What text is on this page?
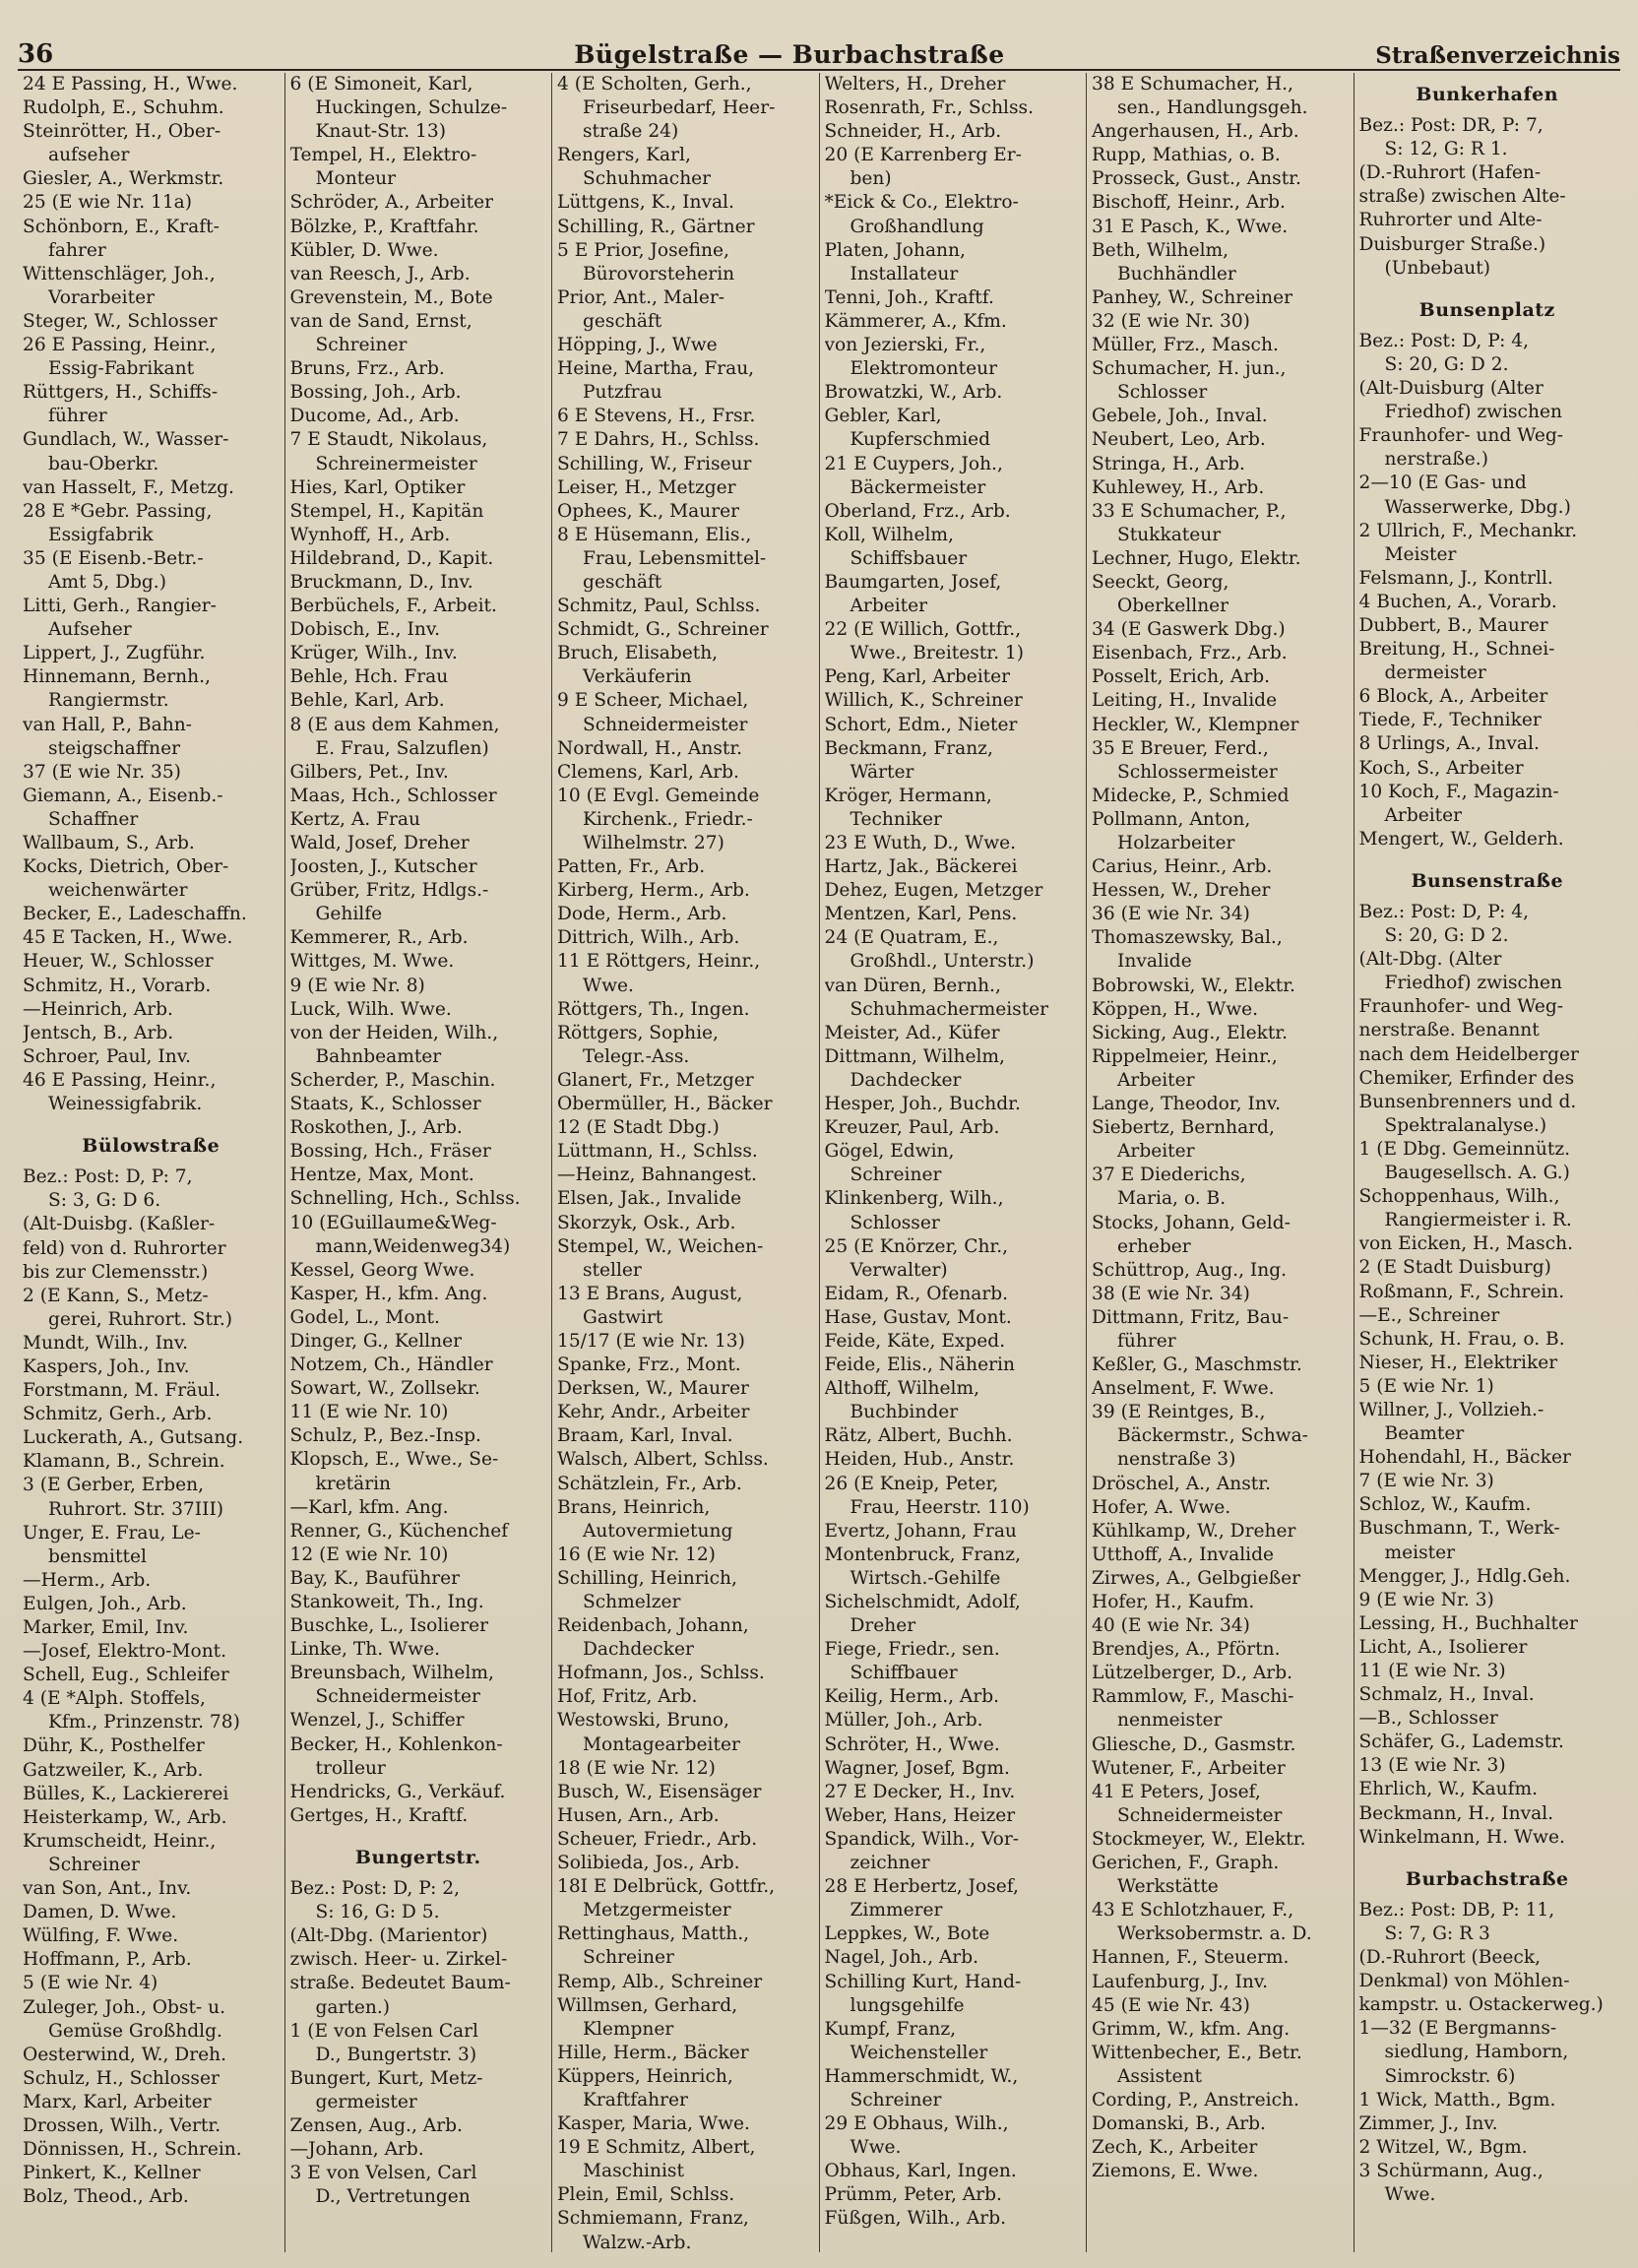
36	Bügelstraße — Burbachstraße	Straßenverzeichnis
24 E Passing, H., Wwe.
Rudolph, E., Schuhm.
Steinrötter, H., Ober-
aufseher
Giesler, A., Werkmstr.
25 (E wie Nr. 11a)
Schönborn, E., Kraft-
fahrer
Wittenschläger, Joh.,
Vorarbeiter
Steger, W., Schlosser
26 E Passing, Heinr.,
Essig-Fabrikant
Rüttgers, H., Schiffs-
führer
Gundlach, W., Wasser-
bau-Oberkr.
van Hasselt, F., Metzg.
28 E *Gebr. Passing,
Essigfabrik
35 (E Eisenb.-Betr.-
Amt 5, Dbg.)
Litti, Gerh., Rangier-
Aufseher
Lippert, J., Zugführ.
Hinnemann, Bernh.,
Rangiermstr.
van Hall, P., Bahn-
steigschaffner
37 (E wie Nr. 35)
Giemann, A., Eisenb.-
Schaffner
Wallbaum, S., Arb.
Kocks, Dietrich, Ober-
weichenwärter
Becker, E., Ladeschaffn.
45 E Tacken, H., Wwe.
Heuer, W., Schlosser
Schmitz, H., Vorarb.
—Heinrich, Arb.
Jentsch, B., Arb.
Schroer, Paul, Inv.
46 E Passing, Heinr.,
Weinessigfabrik.
Bülowstraße
Bez.: Post: D, P: 7,
S: 3, G: D 6.
(Alt-Duisbg. (Kaßler-
feld) von d. Ruhrorter
bis zur Clemensstr.)
2 (E Kann, S., Metz-
gerei, Ruhrort. Str.)
Mundt, Wilh., Inv.
Kaspers, Joh., Inv.
Forstmann, M. Fräul.
Schmitz, Gerh., Arb.
Luckerath, A., Gutsang.
Klamann, B., Schrein.
3 (E Gerber, Erben,
Ruhrort. Str. 37III)
Unger, E. Frau, Le-
bensmittel
—Herm., Arb.
Eulgen, Joh., Arb.
Marker, Emil, Inv.
—Josef, Elektro-Mont.
Schell, Eug., Schleifer
4 (E *Alph. Stoffels,
Kfm., Prinzenstr. 78)
Dühr, K., Posthelfer
Gatzweiler, K., Arb.
Bülles, K., Lackiererei
Heisterkamp, W., Arb.
Krumscheidt, Heinr.,
Schreiner
van Son, Ant., Inv.
Damen, D. Wwe.
Wülfing, F. Wwe.
Hoffmann, P., Arb.
5 (E wie Nr. 4)
Zuleger, Joh., Obst- u.
Gemüse Großhdlg.
Oesterwind, W., Dreh.
Schulz, H., Schlosser
Marx, Karl, Arbeiter
Drossen, Wilh., Vertr.
Dönnissen, H., Schrein.
Pinkert, K., Kellner
Bolz, Theod., Arb.
6 (E Simoneit, Karl,
Huckingen, Schulze-
Knaut-Str. 13)
Tempel, H., Elektro-
Monteur
Schröder, A., Arbeiter
Bölzke, P., Kraftfahr.
Kübler, D. Wwe.
van Reesch, J., Arb.
Grevenstein, M., Bote
van de Sand, Ernst,
Schreiner
Bruns, Frz., Arb.
Bossing, Joh., Arb.
Ducome, Ad., Arb.
7 E Staudt, Nikolaus,
Schreinermeister
Hies, Karl, Optiker
Stempel, H., Kapitän
Wynhoff, H., Arb.
Hildebrand, D., Kapit.
Bruckmann, D., Inv.
Berbüchels, F., Arbeit.
Dobisch, E., Inv.
Krüger, Wilh., Inv.
Behle, Hch. Frau
Behle, Karl, Arb.
8 (E aus dem Kahmen,
E. Frau, Salzuflen)
Gilbers, Pet., Inv.
Maas, Hch., Schlosser
Kertz, A. Frau
Wald, Josef, Dreher
Joosten, J., Kutscher
Grüber, Fritz, Hdlgs.-
Gehilfe
Kemmerer, R., Arb.
Wittges, M. Wwe.
9 (E wie Nr. 8)
Luck, Wilh. Wwe.
von der Heiden, Wilh.,
Bahnbeamter
Scherder, P., Maschin.
Staats, K., Schlosser
Roskothen, J., Arb.
Bossing, Hch., Fräser
Hentze, Max, Mont.
Schnelling, Hch., Schlss.
10 (EGuillaume&Weg-
mann,Weidenweg34)
Kessel, Georg Wwe.
Kasper, H., kfm. Ang.
Godel, L., Mont.
Dinger, G., Kellner
Notzem, Ch., Händler
Sowart, W., Zollsekr.
11 (E wie Nr. 10)
Schulz, P., Bez.-Insp.
Klopsch, E., Wwe., Se-
kretärin
—Karl, kfm. Ang.
Renner, G., Küchenchef
12 (E wie Nr. 10)
Bay, K., Bauführer
Stankoweit, Th., Ing.
Buschke, L., Isolierer
Linke, Th. Wwe.
Breunsbach, Wilhelm,
Schneidermeister
Wenzel, J., Schiffer
Becker, H., Kohlenkon-
trolleur
Hendricks, G., Verkäuf.
Gertges, H., Kraftf.
Bungertstr.
Bez.: Post: D, P: 2,
S: 16, G: D 5.
(Alt-Dbg. (Marientor)
zwisch. Heer- u. Zirkel-
straße. Bedeutet Baum-
garten.)
1 (E von Felsen Carl
D., Bungertstr. 3)
Bungert, Kurt, Metz-
germeister
Zensen, Aug., Arb.
—Johann, Arb.
3 E von Velsen, Carl
D., Vertretungen
4 (E Scholten, Gerh.,
Friseurbedarf, Heer-
straße 24)
Rengers, Karl,
Schuhmacher
Lüttgens, K., Inval.
Schilling, R., Gärtner
5 E Prior, Josefine,
Bürovorsteherin
Prior, Ant., Maler-
geschäft
Höpping, J., Wwe
Heine, Martha, Frau,
Putzfrau
6 E Stevens, H., Frsr.
7 E Dahrs, H., Schlss.
Schilling, W., Friseur
Leiser, H., Metzger
Ophees, K., Maurer
8 E Hüsemann, Elis.,
Frau, Lebensmittel-
geschäft
Schmitz, Paul, Schlss.
Schmidt, G., Schreiner
Bruch, Elisabeth,
Verkäuferin
9 E Scheer, Michael,
Schneidermeister
Nordwall, H., Anstr.
Clemens, Karl, Arb.
10 (E Evgl. Gemeinde
Kirchenk., Friedr.-
Wilhelmstr. 27)
Patten, Fr., Arb.
Kirberg, Herm., Arb.
Dode, Herm., Arb.
Dittrich, Wilh., Arb.
11 E Röttgers, Heinr.,
Wwe.
Röttgers, Th., Ingen.
Röttgers, Sophie,
Telegr.-Ass.
Glanert, Fr., Metzger
Obermüller, H., Bäcker
12 (E Stadt Dbg.)
Lüttmann, H., Schlss.
—Heinz, Bahnangest.
Elsen, Jak., Invalide
Skorzyk, Osk., Arb.
Stempel, W., Weichen-
steller
13 E Brans, August,
Gastwirt
15/17 (E wie Nr. 13)
Spanke, Frz., Mont.
Derksen, W., Maurer
Kehr, Andr., Arbeiter
Braam, Karl, Inval.
Walsch, Albert, Schlss.
Schätzlein, Fr., Arb.
Brans, Heinrich,
Autovermietung
16 (E wie Nr. 12)
Schilling, Heinrich,
Schmelzer
Reidenbach, Johann,
Dachdecker
Hofmann, Jos., Schlss.
Hof, Fritz, Arb.
Westowski, Bruno,
Montagearbeiter
18 (E wie Nr. 12)
Busch, W., Eisensäger
Husen, Arn., Arb.
Scheuer, Friedr., Arb.
Solibieda, Jos., Arb.
18I E Delbrück, Gottfr.,
Metzgermeister
Rettinghaus, Matth.,
Schreiner
Remp, Alb., Schreiner
Willmsen, Gerhard,
Klempner
Hille, Herm., Bäcker
Küppers, Heinrich,
Kraftfahrer
Kasper, Maria, Wwe.
19 E Schmitz, Albert,
Maschinist
Plein, Emil, Schlss.
Schmiemann, Franz,
Walzw.-Arb.
Welters, H., Dreher
Rosenrath, Fr., Schlss.
Schneider, H., Arb.
20 (E Karrenberg Er-
ben)
*Eick & Co., Elektro-
Großhandlung
Platen, Johann,
Installateur
Tenni, Joh., Kraftf.
Kämmerer, A., Kfm.
von Jezierski, Fr.,
Elektromonteur
Browatzki, W., Arb.
Gebler, Karl,
Kupferschmied
21 E Cuypers, Joh.,
Bäckermeister
Oberland, Frz., Arb.
Koll, Wilhelm,
Schiffsbauer
Baumgarten, Josef,
Arbeiter
22 (E Willich, Gottfr.,
Wwe., Breitestr. 1)
Peng, Karl, Arbeiter
Willich, K., Schreiner
Schort, Edm., Nieter
Beckmann, Franz,
Wärter
Kröger, Hermann,
Techniker
23 E Wuth, D., Wwe.
Hartz, Jak., Bäckerei
Dehez, Eugen, Metzger
Mentzen, Karl, Pens.
24 (E Quatram, E.,
Großhdl., Unterstr.)
van Düren, Bernh.,
Schuhmachermeister
Meister, Ad., Küfer
Dittmann, Wilhelm,
Dachdecker
Hesper, Joh., Buchdr.
Kreuzer, Paul, Arb.
Gögel, Edwin,
Schreiner
Klinkenberg, Wilh.,
Schlosser
25 (E Knörzer, Chr.,
Verwalter)
Eidam, R., Ofenarb.
Hase, Gustav, Mont.
Feide, Käte, Exped.
Feide, Elis., Näherin
Althoff, Wilhelm,
Buchbinder
Rätz, Albert, Buchh.
Heiden, Hub., Anstr.
26 (E Kneip, Peter,
Frau, Heerstr. 110)
Evertz, Johann, Frau
Montenbruck, Franz,
Wirtsch.-Gehilfe
Sichelschmidt, Adolf,
Dreher
Fiege, Friedr., sen.
Schiffbauer
Keilig, Herm., Arb.
Müller, Joh., Arb.
Schröter, H., Wwe.
Wagner, Josef, Bgm.
27 E Decker, H., Inv.
Weber, Hans, Heizer
Spandick, Wilh., Vor-
zeichner
28 E Herbertz, Josef,
Zimmerer
Leppkes, W., Bote
Nagel, Joh., Arb.
Schilling Kurt, Hand-
lungsgehilfe
Kumpf, Franz,
Weichensteller
Hammerschmidt, W.,
Schreiner
29 E Obhaus, Wilh.,
Wwe.
Obhaus, Karl, Ingen.
Prümm, Peter, Arb.
Füßgen, Wilh., Arb.
38 E Schumacher, H.,
sen., Handlungsgeh.
Angerhausen, H., Arb.
Rupp, Mathias, o. B.
Prosseck, Gust., Anstr.
Bischoff, Heinr., Arb.
31 E Pasch, K., Wwe.
Beth, Wilhelm,
Buchhändler
Panhey, W., Schreiner
32 (E wie Nr. 30)
Müller, Frz., Masch.
Schumacher, H. jun.,
Schlosser
Gebele, Joh., Inval.
Neubert, Leo, Arb.
Stringa, H., Arb.
Kuhlewey, H., Arb.
33 E Schumacher, P.,
Stukkateur
Lechner, Hugo, Elektr.
Seeckt, Georg,
Oberkellner
34 (E Gaswerk Dbg.)
Eisenbach, Frz., Arb.
Posselt, Erich, Arb.
Leiting, H., Invalide
Heckler, W., Klempner
35 E Breuer, Ferd.,
Schlossermeister
Midecke, P., Schmied
Pollmann, Anton,
Holzarbeiter
Carius, Heinr., Arb.
Hessen, W., Dreher
36 (E wie Nr. 34)
Thomaszewsky, Bal.,
Invalide
Bobrowski, W., Elektr.
Köppen, H., Wwe.
Sicking, Aug., Elektr.
Rippelmeier, Heinr.,
Arbeiter
Lange, Theodor, Inv.
Siebertz, Bernhard,
Arbeiter
37 E Diederichs,
Maria, o. B.
Stocks, Johann, Geld-
erheber
Schüttrop, Aug., Ing.
38 (E wie Nr. 34)
Dittmann, Fritz, Bau-
führer
Keßler, G., Maschmstr.
Anselment, F. Wwe.
39 (E Reintges, B.,
Bäckermstr., Schwa-
nenstraße 3)
Dröschel, A., Anstr.
Hofer, A. Wwe.
Kühlkamp, W., Dreher
Utthoff, A., Invalide
Zirwes, A., Gelbgießer
Hofer, H., Kaufm.
40 (E wie Nr. 34)
Brendjes, A., Pförtn.
Lützelberger, D., Arb.
Rammlow, F., Maschi-
nenmeister
Gliesche, D., Gasmstr.
Wutener, F., Arbeiter
41 E Peters, Josef,
Schneidermeister
Stockmeyer, W., Elektr.
Gerichen, F., Graph.
Werkstätte
43 E Schlotzhauer, F.,
Werksobermstr. a. D.
Hannen, F., Steuerm.
Laufenburg, J., Inv.
45 (E wie Nr. 43)
Grimm, W., kfm. Ang.
Wittenbecher, E., Betr.
Assistent
Cording, P., Anstreich.
Domanski, B., Arb.
Zech, K., Arbeiter
Ziemons, E. Wwe.
Bunkerhafen
Bez.: Post: DR, P: 7,
S: 12, G: R 1.
(D.-Ruhrort (Hafen-
straße) zwischen Alte-
Ruhrorter und Alte-
Duisburger Straße.)
(Unbebaut)
Bunsenplatz
Bez.: Post: D, P: 4,
S: 20, G: D 2.
(Alt-Duisburg (Alter
Friedhof) zwischen
Fraunhofer- und Weg-
nerstraße.)
2—10 (E Gas- und
Wasserwerke, Dbg.)
2 Ullrich, F., Mechankr.
Meister
Felsmann, J., Kontrll.
4 Buchen, A., Vorarb.
Dubbert, B., Maurer
Breitung, H., Schnei-
dermeister
6 Block, A., Arbeiter
Tiede, F., Techniker
8 Urlings, A., Inval.
Koch, S., Arbeiter
10 Koch, F., Magazin-
Arbeiter
Mengert, W., Gelderh.
Bunsenstraße
Bez.: Post: D, P: 4,
S: 20, G: D 2.
(Alt-Dbg. (Alter
Friedhof) zwischen
Fraunhofer- und Weg-
nerstraße. Benannt
nach dem Heidelberger
Chemiker, Erfinder des
Bunsenbrenners und d.
Spektralanalyse.)
1 (E Dbg. Gemeinnütz.
Baugesellsch. A. G.)
Schoppenhaus, Wilh.,
Rangiermeister i. R.
von Eicken, H., Masch.
2 (E Stadt Duisburg)
Roßmann, F., Schrein.
—E., Schreiner
Schunk, H. Frau, o. B.
Nieser, H., Elektriker
5 (E wie Nr. 1)
Willner, J., Vollzieh.-
Beamter
Hohendahl, H., Bäcker
7 (E wie Nr. 3)
Schloz, W., Kaufm.
Buschmann, T., Werk-
meister
Mengger, J., Hdlg.Geh.
9 (E wie Nr. 3)
Lessing, H., Buchhalter
Licht, A., Isolierer
11 (E wie Nr. 3)
Schmalz, H., Inval.
—B., Schlosser
Schäfer, G., Lademstr.
13 (E wie Nr. 3)
Ehrlich, W., Kaufm.
Beckmann, H., Inval.
Winkelmann, H. Wwe.
Burbachstraße
Bez.: Post: DB, P: 11,
S: 7, G: R 3
(D.-Ruhrort (Beeck,
Denkmal) von Möhlen-
kampstr. u. Ostackerweg.)
1—32 (E Bergmanns-
siedlung, Hamborn,
Simrockstr. 6)
1 Wick, Matth., Bgm.
Zimmer, J., Inv.
2 Witzel, W., Bgm.
3 Schürmann, Aug.,
Wwe.
